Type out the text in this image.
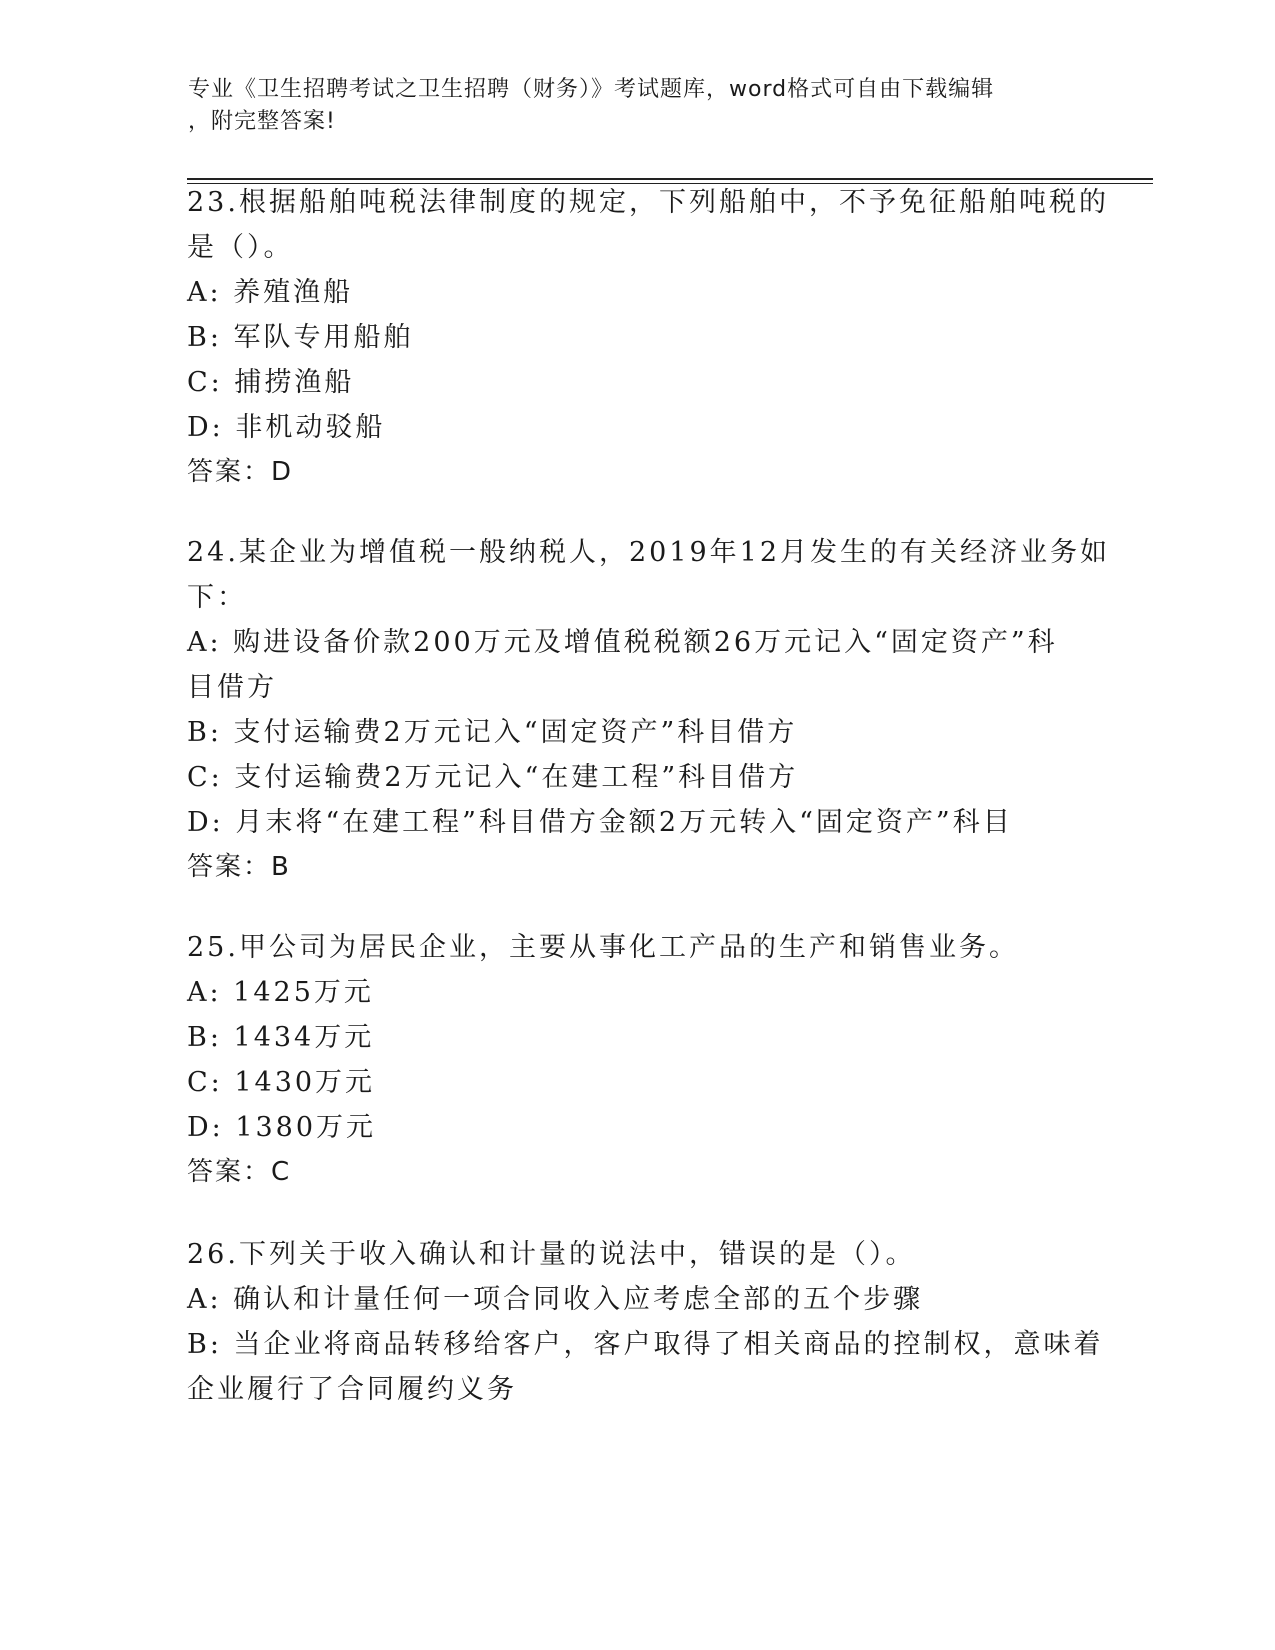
专业《卫生招聘考试之卫生招聘（财务）》考试题库，word格式可自由下载编辑
，附完整答案!
23.根据船舶吨税法律制度的规定，下列船舶中，不予免征船舶吨税的
是（）。
A: 养殖渔船
B: 军队专用船舶
C: 捕捞渔船
D: 非机动驳船
答案：D
24.某企业为增值税一般纳税人，2019年12月发生的有关经济业务如
下：
A: 购进设备价款200万元及增值税税额26万元记入“固定资产”科
目借方
B: 支付运输费2万元记入“固定资产”科目借方
C: 支付运输费2万元记入“在建工程”科目借方
D: 月末将“在建工程”科目借方金额2万元转入“固定资产”科目
答案：B
25.甲公司为居民企业，主要从事化工产品的生产和销售业务。
A: 1425万元
B: 1434万元
C: 1430万元
D: 1380万元
答案：C
26.下列关于收入确认和计量的说法中，错误的是（）。
A: 确认和计量任何一项合同收入应考虑全部的五个步骤
B: 当企业将商品转移给客户，客户取得了相关商品的控制权，意味着
企业履行了合同履约义务
